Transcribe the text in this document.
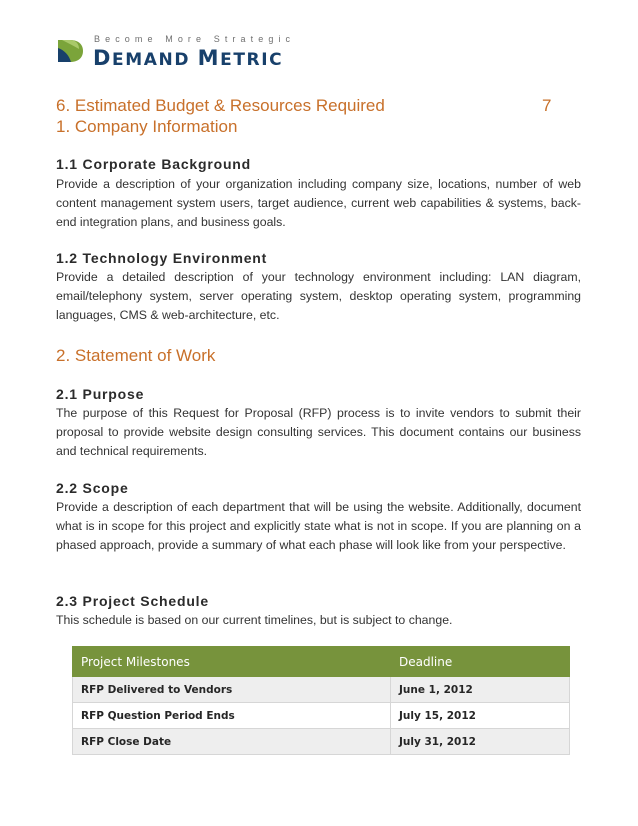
Become More Strategic
DEMAND METRIC
6. Estimated Budget & Resources Required	7
1. Company Information
1.1 Corporate Background

Provide a description of your organization including company size, locations, number of web content management system users, target audience, current web capabilities & systems, back-end integration plans, and business goals.

1.2 Technology Environment

Provide a detailed description of your technology environment including: LAN diagram, email/telephony system, server operating system, desktop operating system, programming languages, CMS & web-architecture, etc.

2. Statement of Work
2.1 Purpose

The purpose of this Request for Proposal (RFP) process is to invite vendors to submit their proposal to provide website design consulting services. This document contains our business and technical requirements.

2.2 Scope

Provide a description of each department that will be using the website. Additionally, document what is in scope for this project and explicitly state what is not in scope. If you are planning on a phased approach, provide a summary of what each phase will look like from your perspective.

2.3 Project Schedule

This schedule is based on our current timelines, but is subject to change.

Project Milestones	Deadline
RFP Delivered to Vendors	June 1, 2012
RFP Question Period Ends	July 15, 2012
RFP Close Date	July 31, 2012
